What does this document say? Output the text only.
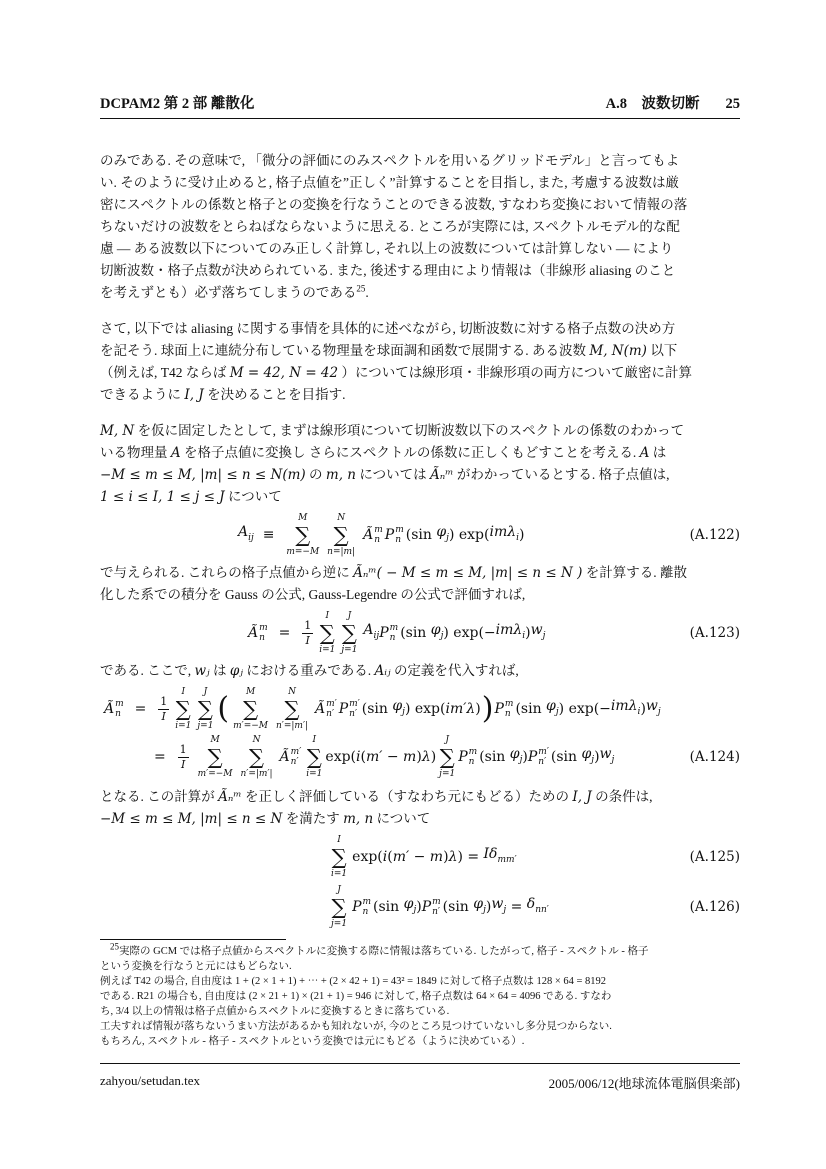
DCPAM2 第 2 部 離散化	A.8　波数切断 25
のみである. その意味で, 「微分の評価にのみスペクトルを用いるグリッドモデル」と言ってもよ
い. そのように受け止めると, 格子点値を”正しく”計算することを目指し, また, 考慮する波数は厳
密にスペクトルの係数と格子との変換を行なうことのできる波数, すなわち変換において情報の落
ちないだけの波数をとらねばならないように思える. ところが実際には, スペクトルモデル的な配
慮 — ある波数以下についてのみ正しく計算し, それ以上の波数については計算しない — により
切断波数・格子点数が決められている. また, 後述する理由により情報は（非線形 aliasing のこと
を考えずとも）必ず落ちてしまうのである$^{25}$.
さて, 以下では aliasing に関する事情を具体的に述べながら, 切断波数に対する格子点数の決め方
を記そう. 球面上に連続分布している物理量を球面調和函数で展開する. ある波数 M, N(m) 以下
（例えば, T42 ならば M = 42, N = 42 ）については線形項・非線形項の両方について厳密に計算
できるように I, J を決めることを目指す.
M, N を仮に固定したとして, まずは線形項について切断波数以下のスペクトルの係数のわかって
いる物理量 A を格子点値に変換し さらにスペクトルの係数に正しくもどすことを考える. A は
−M ≤ m ≤ M, |m| ≤ n ≤ N(m) の m, n については Ãₙᵐ がわかっているとする. 格子点値は,
1 ≤ i ≤ I, 1 ≤ j ≤ J について
$A_{ij}$ ≡
M
∑
m=−M
N
∑
n=|m|
Ã m
n P m
n (sin $\varphi_j$ ) exp( imλ$_i$ )	(A.122)
で与えられる. これらの格子点値から逆に Ãₙᵐ( − M ≤ m ≤ M, |m| ≤ n ≤ N ) を計算する. 離散
化した系での積分を Gauss の公式, Gauss-Legendre の公式で評価すれば,
Ã m
$n = \frac{1}{I}$
I
∑
i=1
J
∑
j=1
$A_{ij}$ P m
n (sin $\varphi_j$ ) exp(− imλ$_i$ ) $w_j$	(A.123)
である. ここで, wⱼ は φⱼ における重みである. Aᵢⱼ の定義を代入すれば,
Ã m
$n = \frac{1}{I}$
I
∑
i=1
J
∑
j=1 ( M
∑
m′=−M
N
∑
n′=|m′|
Ã m′
n′ P m′
n′ (sin $\varphi_j$ ) exp( im′λ ) ) P m
n (sin $\varphi_j$ ) exp(− imλ$_i$ ) $w_j$
= $\frac{1}{I}$
M
∑
m′=−M
N
∑
n′=|m′|
Ã m′
n′
I
∑
i=1
exp( i ( m′ − m ) λ )
J
∑
j=1
P m
n (sin $\varphi_j$ ) P m′
n′ (sin $\varphi_j$ ) $w_j$	(A.124)
となる. この計算が Ãₙᵐ を正しく評価している（すなわち元にもどる）ための I, J の条件は,
−M ≤ m ≤ M, |m| ≤ n ≤ N を満たす m, n について
I
∑
i=1
exp( i ( m′ − m ) λ ) = $I\delta_{mm'}$	(A.125)
J
∑
j=1
P m
n (sin $\varphi_j$ ) P m
n′ (sin $\varphi_j$ ) $w_j = \delta_{nn'}$	(A.126)
25実際の GCM では格子点値からスペクトルに変換する際に情報は落ちている. したがって, 格子 - スペクトル - 格子
という変換を行なうと元にはもどらない.
例えば T42 の場合, 自由度は 1 + (2 × 1 + 1) + ⋯ + (2 × 42 + 1) = 43² = 1849 に対して格子点数は 128 × 64 = 8192
である. R21 の場合も, 自由度は (2 × 21 + 1) × (21 + 1) = 946 に対して, 格子点数は 64 × 64 = 4096 である. すなわ
ち, 3/4 以上の情報は格子点値からスペクトルに変換するときに落ちている.
工夫すれば情報が落ちないうまい方法があるかも知れないが, 今のところ見つけていないし多分見つからない.
もちろん, スペクトル - 格子 - スペクトルという変換では元にもどる（ように決めている）.
zahyou/setudan.tex	2005/006/12(地球流体電脳倶楽部)
